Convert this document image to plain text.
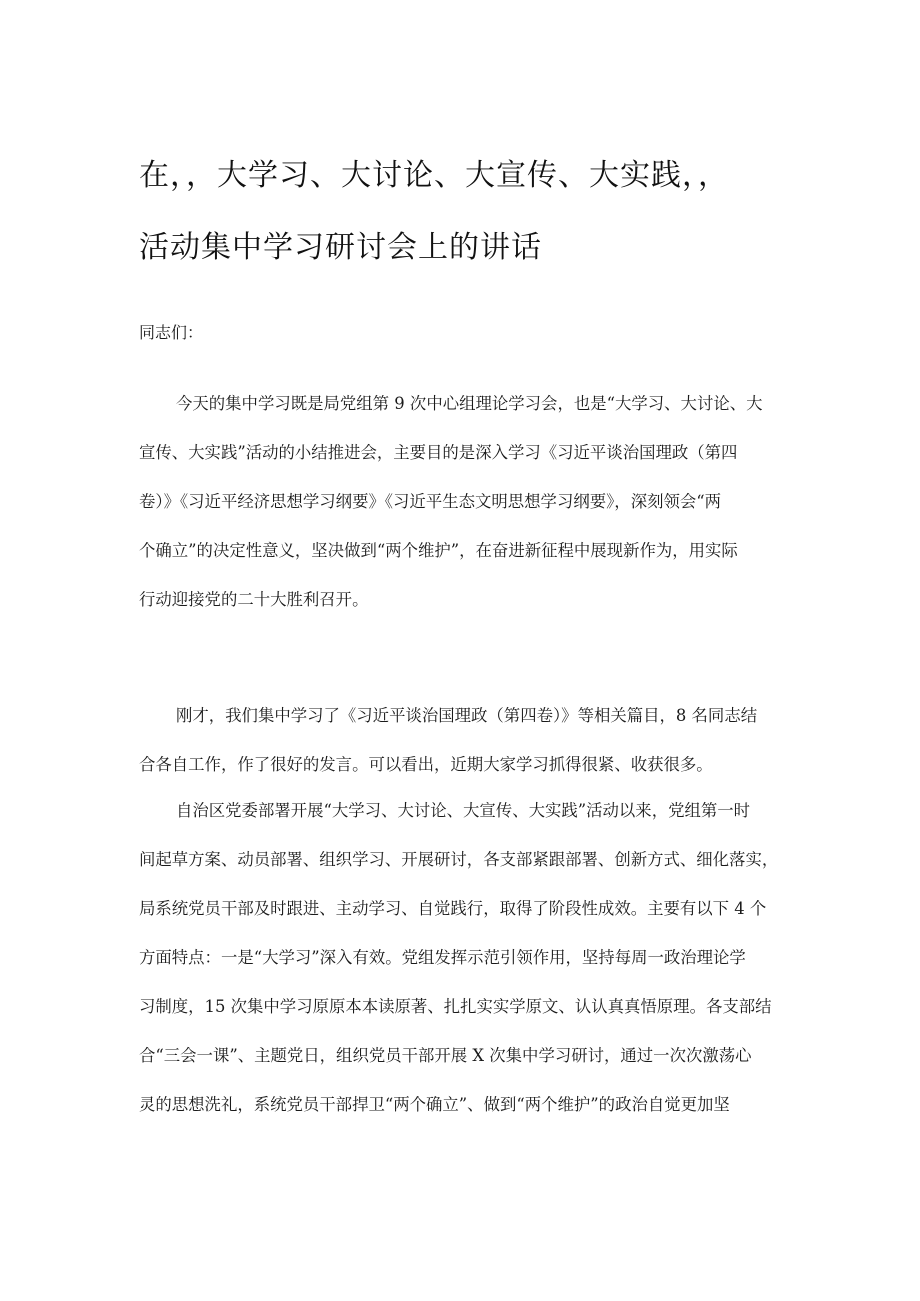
在，，大学习、大讨论、大宣传、大实践，，
活动集中学习研讨会上的讲话

同志们：

今天的集中学习既是局党组第 9 次中心组理论学习会，也是“大学习、大讨论、大
宣传、大实践”活动的小结推进会，主要目的是深入学习《习近平谈治国理政（第四
卷）》《习近平经济思想学习纲要》《习近平生态文明思想学习纲要》，深刻领会“两
个确立”的决定性意义，坚决做到“两个维护”，在奋进新征程中展现新作为，用实际
行动迎接党的二十大胜利召开。
刚才，我们集中学习了《习近平谈治国理政（第四卷）》等相关篇目，8 名同志结
合各自工作，作了很好的发言。可以看出，近期大家学习抓得很紧、收获很多。
自治区党委部署开展“大学习、大讨论、大宣传、大实践”活动以来，党组第一时
间起草方案、动员部署、组织学习、开展研讨，各支部紧跟部署、创新方式、细化落实，
局系统党员干部及时跟进、主动学习、自觉践行，取得了阶段性成效。主要有以下 4 个
方面特点：一是“大学习”深入有效。党组发挥示范引领作用，坚持每周一政治理论学
习制度，15 次集中学习原原本本读原著、扎扎实实学原文、认认真真悟原理。各支部结
合“三会一课”、主题党日，组织党员干部开展 X 次集中学习研讨，通过一次次激荡心
灵的思想洗礼，系统党员干部捍卫“两个确立”、做到“两个维护”的政治自觉更加坚
